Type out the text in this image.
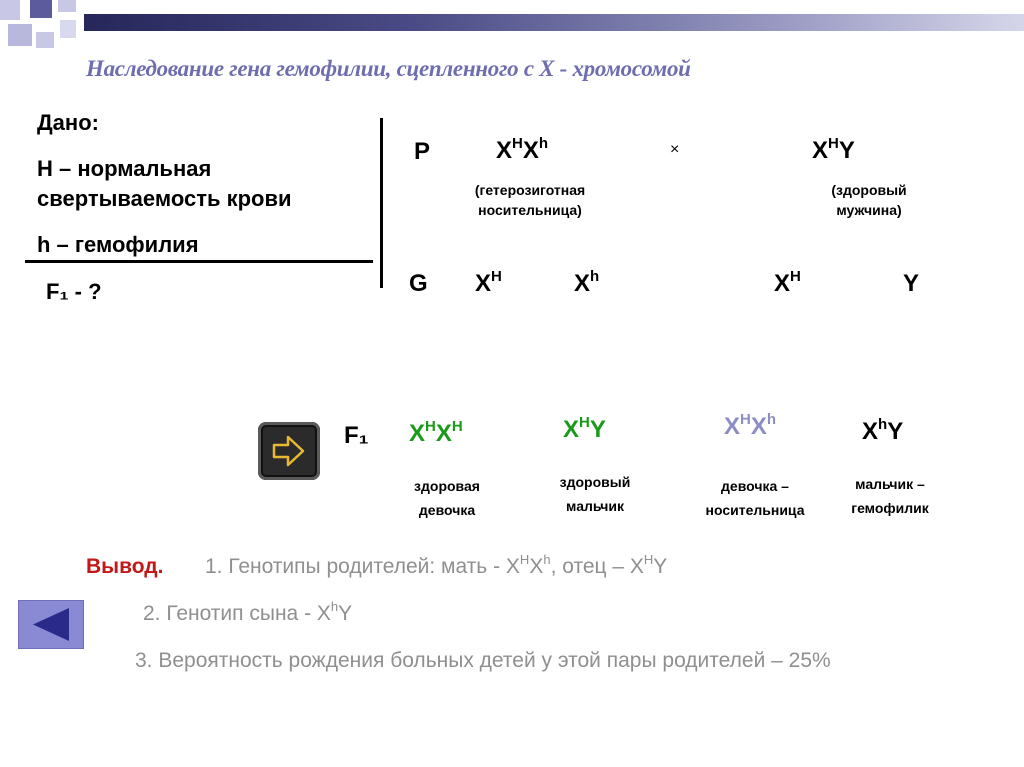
Наследование гена гемофилии, сцепленного с Х - хромосомой
Дано:
Н – нормальная свертываемость крови
h – гемофилия
F₁ - ?
P	$X^HX^h$	×	$X^HY$
(гетерозиготная носительница)
(здоровый мужчина)
G $X^H$	$X^h$	$X^H$	Y
F₁ $X^HX^H$	$X^HY$	$X^HX^h$	$X^hY$
здоровая девочка
здоровый мальчик
девочка – носительница
мальчик – гемофилик
Вывод. 1. Генотипы родителей: мать - $X^HX^h$, отец – $X^HY$
2. Генотип сына - $X^hY$
3. Вероятность рождения больных детей у этой пары родителей – 25%
